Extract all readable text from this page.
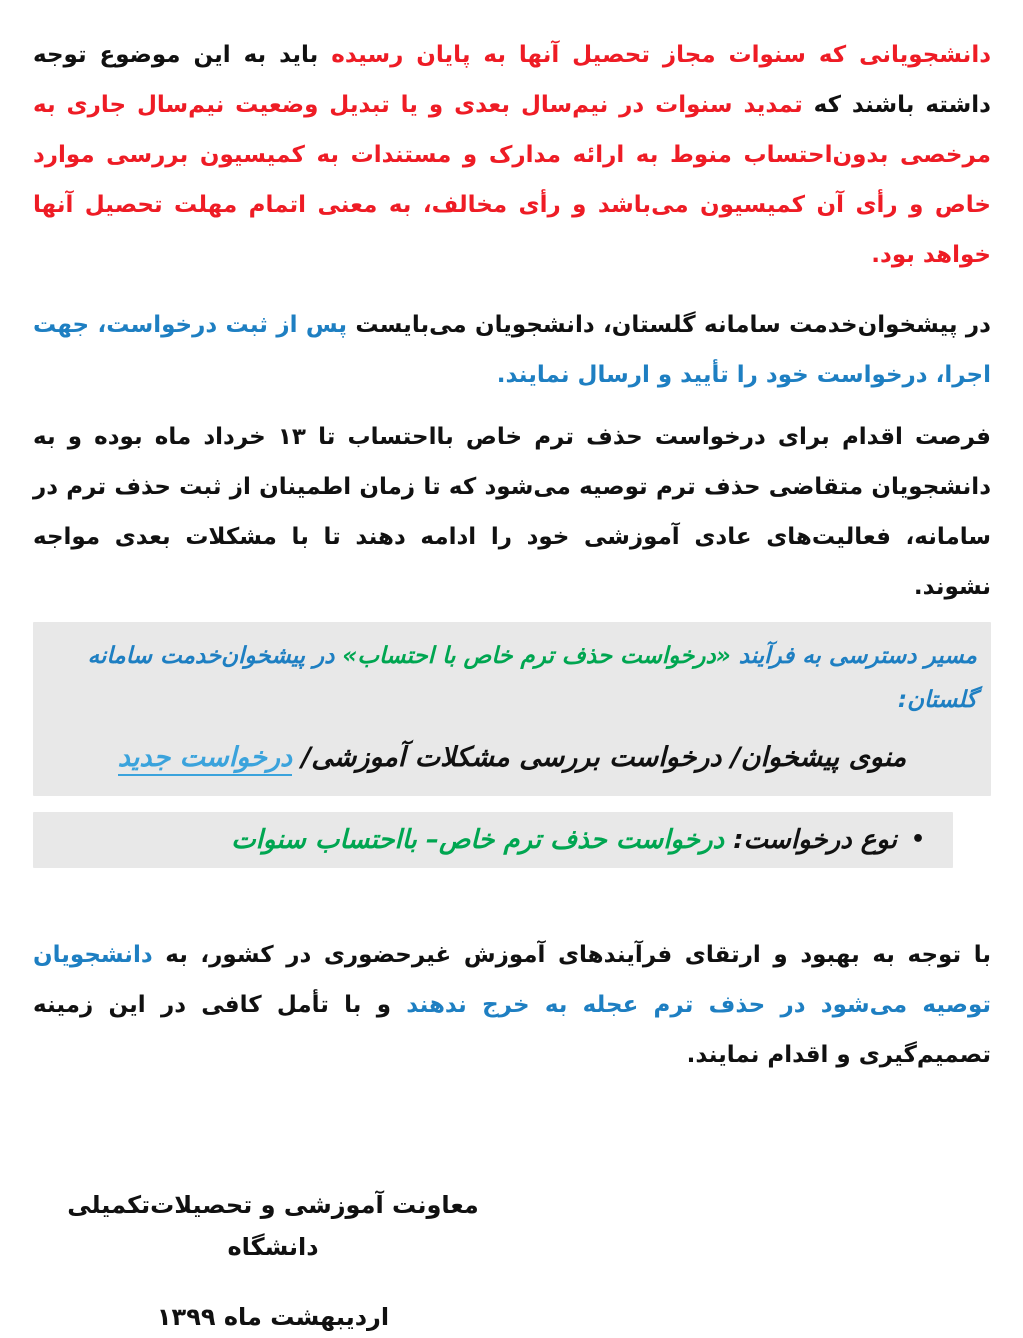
دانشجویانی که سنوات مجاز تحصیل آنها به پایان رسیده باید به این موضوع توجه داشته باشند که تمدید سنوات در نیم‌سال بعدی و یا تبدیل وضعیت نیم‌سال جاری به مرخصی بدون‌احتساب منوط به ارائه مدارک و مستندات به کمیسیون بررسی موارد خاص و رأی آن کمیسیون می‌باشد و رأی مخالف، به معنی اتمام مهلت تحصیل آنها خواهد بود.

در پیشخوان‌خدمت سامانه گلستان، دانشجویان می‌بایست پس از ثبت درخواست، جهت اجرا، درخواست خود را تأیید و ارسال نمایند.

فرصت اقدام برای درخواست حذف ترم خاص بااحتساب تا ۱۳ خرداد ماه بوده و به دانشجویان متقاضی حذف ترم توصیه می‌شود که تا زمان اطمینان از ثبت حذف ترم در سامانه، فعالیت‌های عادی آموزشی خود را ادامه دهند تا با مشکلات بعدی مواجه نشوند.

مسیر دسترسی به فرآیند «درخواست حذف ترم خاص با احتساب» در پیشخوان‌خدمت سامانه گلستان:
منوی پیشخوان/ درخواست بررسی مشکلات آموزشی/ درخواست جدید
•نوع درخواست: درخواست حذف ترم خاص– بااحتساب سنوات

با توجه به بهبود و ارتقای فرآیندهای آموزش غیرحضوری در کشور، به دانشجویان توصیه می‌شود در حذف ترم عجله به خرج ندهند و با تأمل کافی در این زمینه تصمیم‌گیری و اقدام نمایند.

معاونت آموزشی و تحصیلات‌تکمیلی دانشگاه
اردیبهشت ماه ۱۳۹۹
